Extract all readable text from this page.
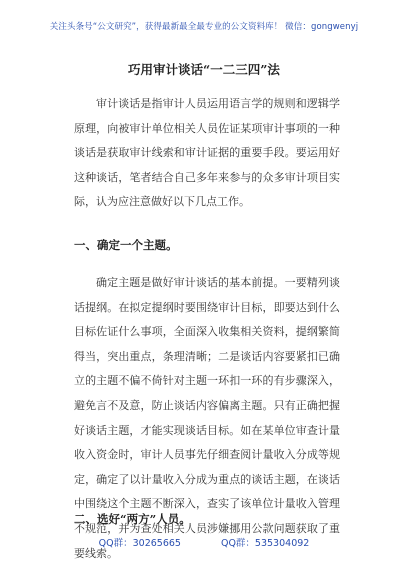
关注头条号“公文研究”，获得最新最全最专业的公文资料库！ 微信：gongwenyj
巧用审计谈话“一二三四”法

审计谈话是指审计人员运用语言学的规则和逻辑学原理，向被审计单位相关人员佐证某项审计事项的一种谈话是获取审计线索和审计证据的重要手段。要运用好这种谈话，笔者结合自己多年来参与的众多审计项目实际，认为应注意做好以下几点工作。

一、确定一个主题。

确定主题是做好审计谈话的基本前提。一要精列谈话提纲。在拟定提纲时要围绕审计目标，即要达到什么目标佐证什么事项，全面深入收集相关资料，提纲繁简得当，突出重点，条理清晰；二是谈话内容要紧扣已确立的主题不偏不倚针对主题一环扣一环的有步骤深入，避免言不及意，防止谈话内容偏离主题。只有正确把握好谈话主题，才能实现谈话目标。如在某单位审查计量收入资金时，审计人员事先仔细查阅计量收入分成等规定，确定了以计量收入分成为重点的谈话主题，在谈话中围绕这个主题不断深入，查实了该单位计量收入管理不规范，并为查处相关人员涉嫌挪用公款问题获取了重要线索。

二、选好“两方”人员。
QQ群：30265665	QQ群：535304092
